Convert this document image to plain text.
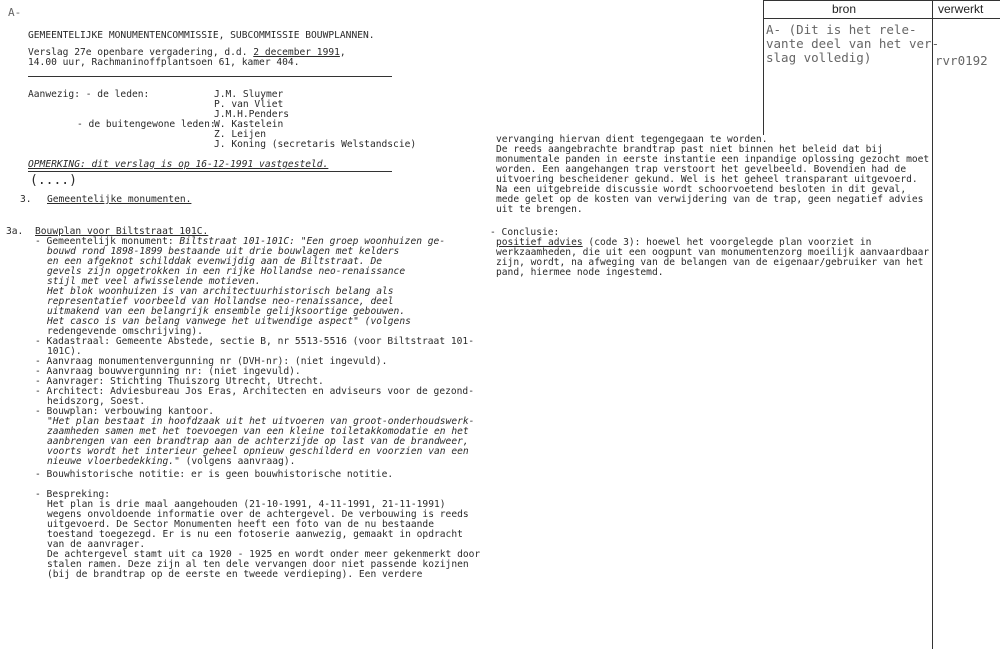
bron	verwerkt
A- (Dit is het rele-
vante deel van het ver-
slag volledig)	rvr0192
A-
GEMEENTELIJKE MONUMENTENCOMMISSIE, SUBCOMMISSIE BOUWPLANNEN.
Verslag 27e openbare vergadering, d.d. 2 december 1991,
14.00 uur, Rachmaninoffplantsoen 61, kamer 404.
Aanwezig: - de leden:	J.M. Sluymer
P. van Vliet
J.M.H.Penders
- de buitengewone leden:
W. Kastelein
Z. Leijen
J. Koning (secretaris Welstandscie)
OPMERKING: dit verslag is op 16-12-1991 vastgesteld.
(....)
3. Gemeentelijke monumenten.
3a. Bouwplan voor Biltstraat 101C.
- Gemeentelijk monument: Biltstraat 101-101C: "Een groep woonhuizen ge-
bouwd rond 1898-1899 bestaande uit drie bouwlagen met kelders
en een afgeknot schilddak evenwijdig aan de Biltstraat. De
gevels zijn opgetrokken in een rijke Hollandse neo-renaissance
stijl met veel afwisselende motieven.
Het blok woonhuizen is van architectuurhistorisch belang als
representatief voorbeeld van Hollandse neo-renaissance, deel
uitmakend van een belangrijk ensemble gelijksoortige gebouwen.
Het casco is van belang vanwege het uitwendige aspect" (volgens
redengevende omschrijving).
- Kadastraal: Gemeente Abstede, sectie B, nr 5513-5516 (voor Biltstraat 101-
101C).
- Aanvraag monumentenvergunning nr (DVH-nr): (niet ingevuld).
- Aanvraag bouwvergunning nr: (niet ingevuld).
- Aanvrager: Stichting Thuiszorg Utrecht, Utrecht.
- Architect: Adviesbureau Jos Eras, Architecten en adviseurs voor de gezond-
heidszorg, Soest.
- Bouwplan: verbouwing kantoor.
"Het plan bestaat in hoofdzaak uit het uitvoeren van groot-onderhoudswerk-
zaamheden samen met het toevoegen van een kleine toiletakkomodatie en het
aanbrengen van een brandtrap aan de achterzijde op last van de brandweer,
voorts wordt het interieur geheel opnieuw geschilderd en voorzien van een
nieuwe vloerbedekking." (volgens aanvraag).
- Bouwhistorische notitie: er is geen bouwhistorische notitie.
- Bespreking:
Het plan is drie maal aangehouden (21-10-1991, 4-11-1991, 21-11-1991)
wegens onvoldoende informatie over de achtergevel. De verbouwing is reeds
uitgevoerd. De Sector Monumenten heeft een foto van de nu bestaande
toestand toegezegd. Er is nu een fotoserie aanwezig, gemaakt in opdracht
van de aanvrager.
De achtergevel stamt uit ca 1920 - 1925 en wordt onder meer gekenmerkt door
stalen ramen. Deze zijn al ten dele vervangen door niet passende kozijnen
(bij de brandtrap op de eerste en tweede verdieping). Een verdere
vervanging hiervan dient tegengegaan te worden.
De reeds aangebrachte brandtrap past niet binnen het beleid dat bij
monumentale panden in eerste instantie een inpandige oplossing gezocht moet
worden. Een aangehangen trap verstoort het gevelbeeld. Bovendien had de
uitvoering bescheidener gekund. Wel is het geheel transparant uitgevoerd.
Na een uitgebreide discussie wordt schoorvoetend besloten in dit geval,
mede gelet op de kosten van verwijdering van de trap, geen negatief advies
uit te brengen.
- Conclusie:
positief advies (code 3): hoewel het voorgelegde plan voorziet in
werkzaamheden, die uit een oogpunt van monumentenzorg moeilijk aanvaardbaar
zijn, wordt, na afweging van de belangen van de eigenaar/gebruiker van het
pand, hiermee node ingestemd.
